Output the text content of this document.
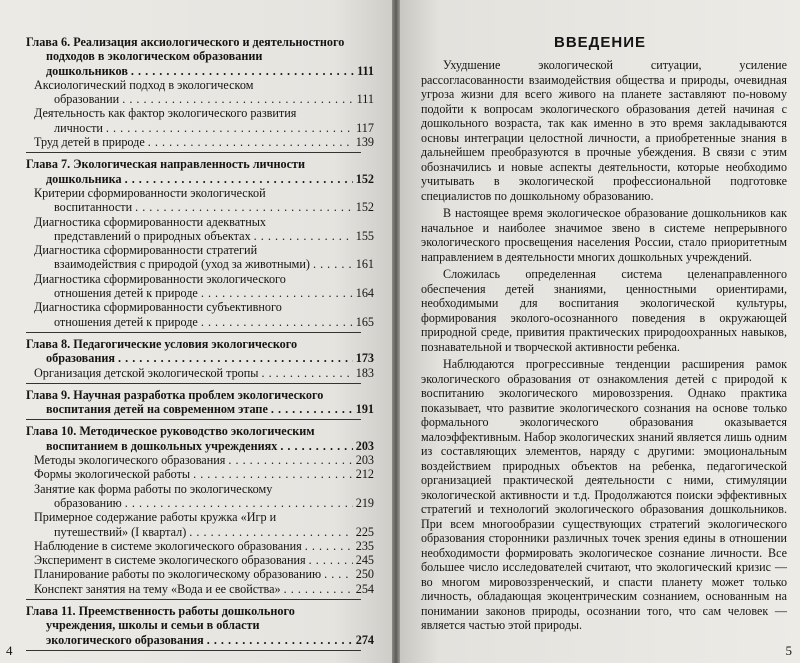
Глава 6. Реализация аксиологического и деятельностного
подходов в экологическом образовании
дошкольников . . .	111
Аксиологический подход в экологическом
образовании . . .	111
Деятельность как фактор экологического развития
личности . . .	117
Труд детей в природе . . .	139
Глава 7. Экологическая направленность личности
дошкольника . . .	152
Критерии сформированности экологической
воспитанности . . .	152
Диагностика сформированности адекватных
представлений о природных объектах . . .	155
Диагностика сформированности стратегий
взаимодействия с природой (уход за животными) . . .	161
Диагностика сформированности экологического
отношения детей к природе . . .	164
Диагностика сформированности субъективного
отношения детей к природе . . .	165
Глава 8. Педагогические условия экологического
образования . . .	173
Организация детской экологической тропы . . .	183
Глава 9. Научная разработка проблем экологического
воспитания детей на современном этапе . . .	191
Глава 10. Методическое руководство экологическим
воспитанием в дошкольных учреждениях . . .	203
Методы экологического образования . . .	203
Формы экологической работы . . .	212
Занятие как форма работы по экологическому
образованию . . .	219
Примерное содержание работы кружка «Игр и
путешествий» (I квартал) . . .	225
Наблюдение в системе экологического образования . . .	235
Эксперимент в системе экологического образования . . .	245
Планирование работы по экологическому образованию . . .	250
Конспект занятия на тему «Вода и ее свойства» . . .	254
Глава 11. Преемственность работы дошкольного
учреждения, школы и семьи в области
экологического образования . . .	274
4
ВВЕДЕНИЕ

Ухудшение экологической ситуации, усиление рассогласованности взаимодействия общества и природы, очевидная угроза жизни для всего живого на планете заставляют по-новому подойти к вопросам экологического образования детей начиная с дошкольного возраста, так как именно в это время закладываются основы интеграции целостной личности, а приобретенные знания в дальнейшем преобразуются в прочные убеждения. В связи с этим обозначились и новые аспекты деятельности, которые необходимо учитывать в экологической профессиональной подготовке специалистов по дошкольному образованию.

В настоящее время экологическое образование дошкольников как начальное и наиболее значимое звено в системе непрерывного экологического просвещения населения России, стало приоритетным направлением в деятельности многих дошкольных учреждений.

Сложилась определенная система целенаправленного обеспечения детей знаниями, ценностными ориентирами, необходимыми для воспитания экологической культуры, формирования эколого-осознанного поведения в окружающей природной среде, привития практических природоохранных навыков, познавательной и творческой активности ребенка.

Наблюдаются прогрессивные тенденции расширения рамок экологического образования от ознакомления детей с природой к воспитанию экологического мировоззрения. Однако практика показывает, что развитие экологического сознания на основе только формального экологического образования оказывается малоэффективным. Набор экологических знаний является лишь одним из составляющих элементов, наряду с другими: эмоциональным воздействием природных объектов на ребенка, педагогической организацией практической деятельности с ними, стимуляции экологической активности и т.д. Продолжаются поиски эффективных стратегий и технологий экологического образования дошкольников. При всем многообразии существующих стратегий экологического образования сторонники различных точек зрения едины в отношении необходимости формировать экологическое сознание личности. Все большее число исследователей считают, что экологический кризис — во многом мировоззренческий, и спасти планету может только личность, обладающая экоцентрическим сознанием, основанным на понимании законов природы, осознании того, что сам человек — является частью этой природы.

5
